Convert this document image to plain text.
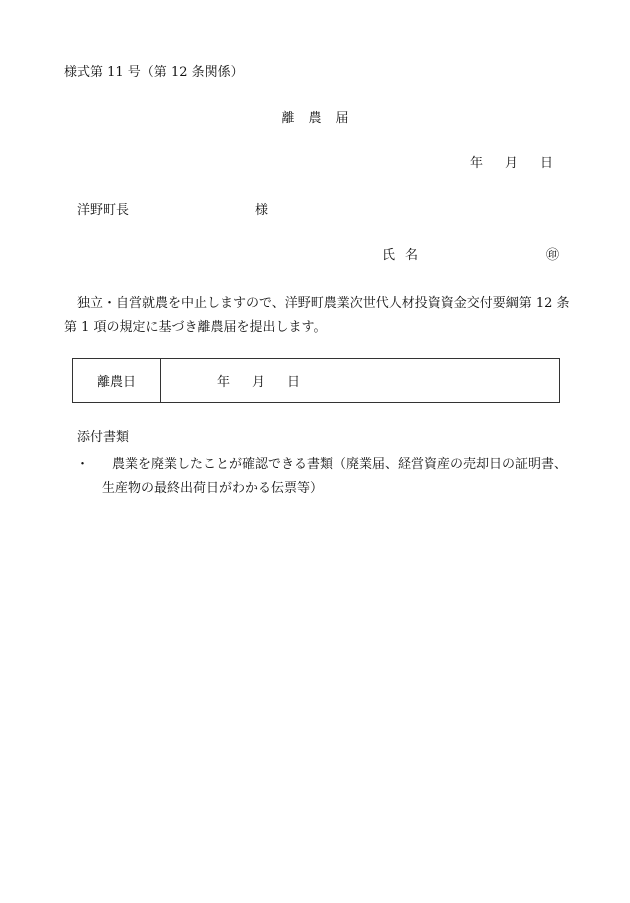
様式第 11 号（第 12 条関係）
離農届
年 月 日
洋野町長	様
氏名	㊞
独立・自営就農を中止しますので、洋野町農業次世代人材投資資金交付要綱第 12 条第 1 項の規定に基づき離農届を提出します。
離農日	年 月 日
添付書類
・	農業を廃業したことが確認できる書類（廃業届、経営資産の売却日の証明書、生産物の最終出荷日がわかる伝票等）
